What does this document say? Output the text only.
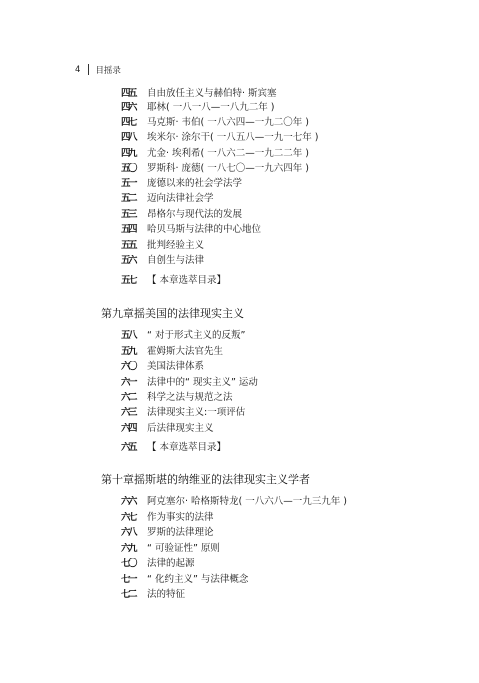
4 目摇录
四五	自由放任主义与赫伯特· 斯宾塞
四六	耶林( 一八一八—一八九二年 )
四七	马克斯· 韦伯( 一八六四—一九二〇年 )
四八	埃米尔· 涂尔干( 一八五八—一九一七年 )
四九	尤金· 埃利希( 一八六二—一九二二年 )
五〇	罗斯科· 庞德( 一八七〇—一九六四年 )
五一	庞德以来的社会学法学
五二	迈向法律社会学
五三	昂格尔与现代法的发展
五四	哈贝马斯与法律的中心地位
五五	批判经验主义
五六	自创生与法律
五七	【 本章选萃目录】
第九章摇美国的法律现实主义
五八	“ 对于形式主义的反叛”
五九	霍姆斯大法官先生
六〇	美国法律体系
六一	法律中的“ 现实主义” 运动
六二	科学之法与规范之法
六三	法律现实主义:一项评估
六四	后法律现实主义
六五	【 本章选萃目录】
第十章摇斯堪的纳维亚的法律现实主义学者
六六	阿克塞尔· 哈格斯特龙( 一八六八—一九三九年 )
六七	作为事实的法律
六八	罗斯的法律理论
六九	“ 可验证性” 原则
七〇	法律的起源
七一	“ 化约主义” 与法律概念
七二	法的特征
